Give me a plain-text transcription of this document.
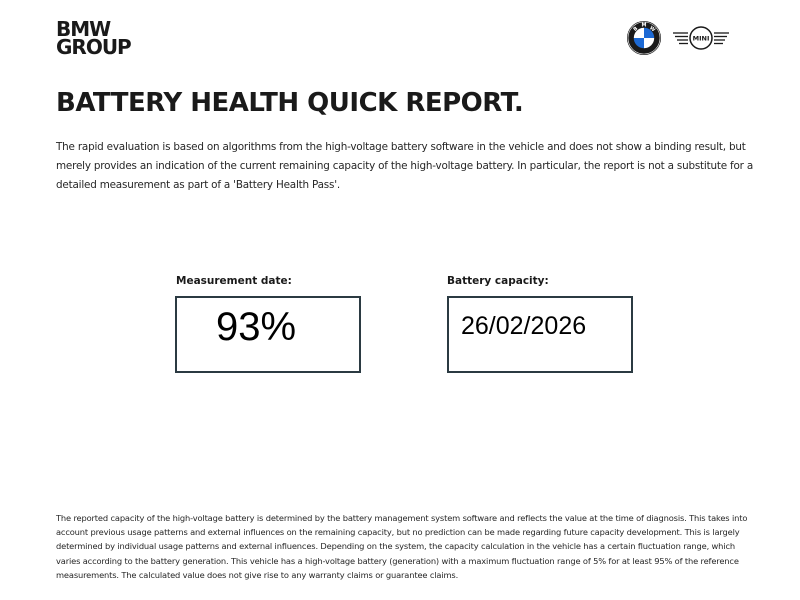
BMW
GROUP
B
M W
MINI
BATTERY HEALTH QUICK REPORT.

The rapid evaluation is based on algorithms from the high-voltage battery software in the vehicle and does not show a binding result, but merely provides an indication of the current remaining capacity of the high-voltage battery. In particular, the report is not a substitute for a detailed measurement as part of a 'Battery Health Pass'.

Measurement date:
93%
Battery capacity:
26/02/2026

The reported capacity of the high-voltage battery is determined by the battery management system software and reflects the value at the time of diagnosis. This takes into account previous usage patterns and external influences on the remaining capacity, but no prediction can be made regarding future capacity development. This is largely determined by individual usage patterns and external influences. Depending on the system, the capacity calculation in the vehicle has a certain fluctuation range, which varies according to the battery generation. This vehicle has a high-voltage battery (generation) with a maximum fluctuation range of 5% for at least 95% of the reference measurements. The calculated value does not give rise to any warranty claims or guarantee claims.
